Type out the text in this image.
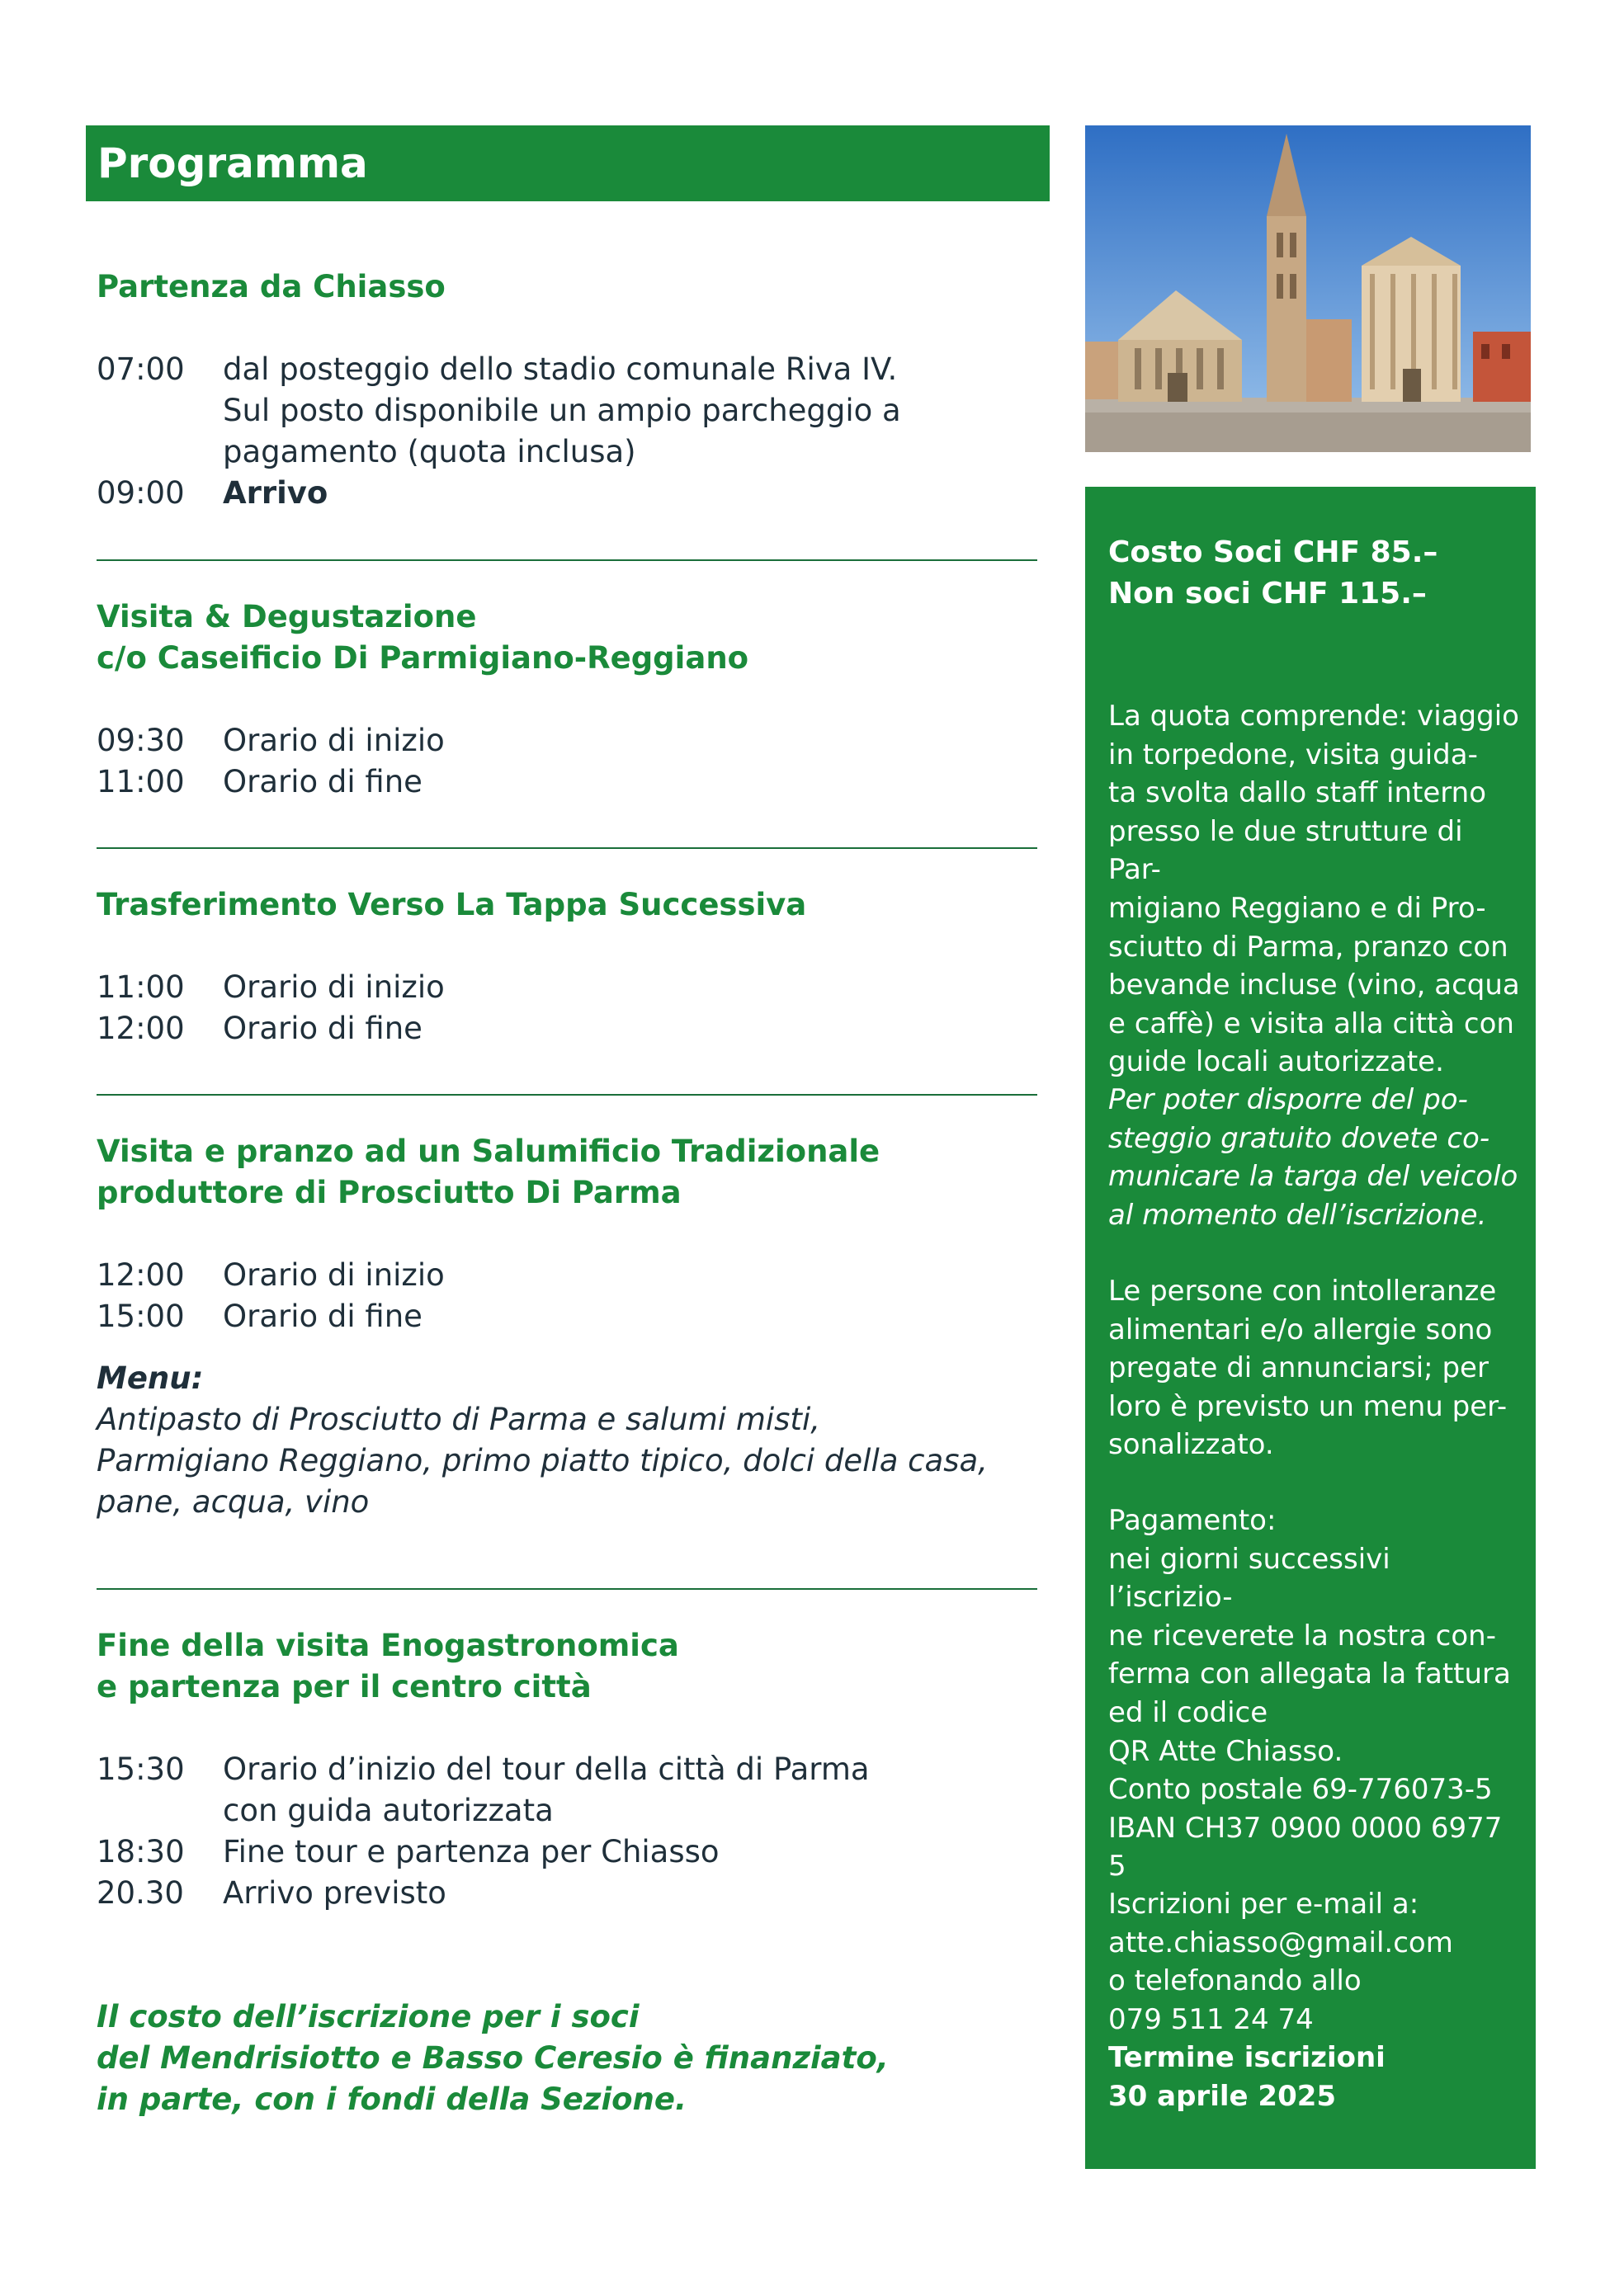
Programma

Partenza da Chiasso

07:00	dal posteggio dello stadio comunale Riva IV.
Sul posto disponibile un ampio parcheggio a
pagamento (quota inclusa)
09:00	Arrivo

Visita & Degustazione

c/o Caseificio Di Parmigiano-Reggiano

09:30	Orario di inizio
11:00	Orario di fine

Trasferimento Verso La Tappa Successiva

11:00	Orario di inizio
12:00	Orario di fine

Visita e pranzo ad un Salumificio Tradizionale

produttore di Prosciutto Di Parma

12:00	Orario di inizio
15:00	Orario di fine
Menu:
Antipasto di Prosciutto di Parma e salumi misti,
Parmigiano Reggiano, primo piatto tipico, dolci della casa,
pane, acqua, vino

Fine della visita Enogastronomica

e partenza per il centro città

15:30	Orario d’inizio del tour della città di Parma
con guida autorizzata
18:30	Fine tour e partenza per Chiasso
20.30	Arrivo previsto
Il costo dell’iscrizione per i soci
del Mendrisiotto e Basso Ceresio è finanziato,
in parte, con i fondi della Sezione.
Costo Soci CHF 85.–
Non soci CHF 115.–
La quota comprende: viaggio
in torpedone, visita guida-
ta svolta dallo staff interno
presso le due strutture di Par-
migiano Reggiano e di Pro-
sciutto di Parma, pranzo con
bevande incluse (vino, acqua
e caffè) e visita alla città con
guide locali autorizzate.
Per poter disporre del po-
steggio gratuito dovete co-
municare la targa del veicolo
al momento dell’iscrizione.
Le persone con intolleranze
alimentari e/o allergie sono
pregate di annunciarsi; per
loro è previsto un menu per-
sonalizzato.
Pagamento:
nei giorni successivi l’iscrizio-
ne riceverete la nostra con-
ferma con allegata la fattura
ed il codice
QR Atte Chiasso.
Conto postale 69-776073-5
IBAN CH37 0900 0000 6977 5
Iscrizioni per e-mail a:
atte.chiasso@gmail.com
o telefonando allo
079 511 24 74
Termine iscrizioni
30 aprile 2025
